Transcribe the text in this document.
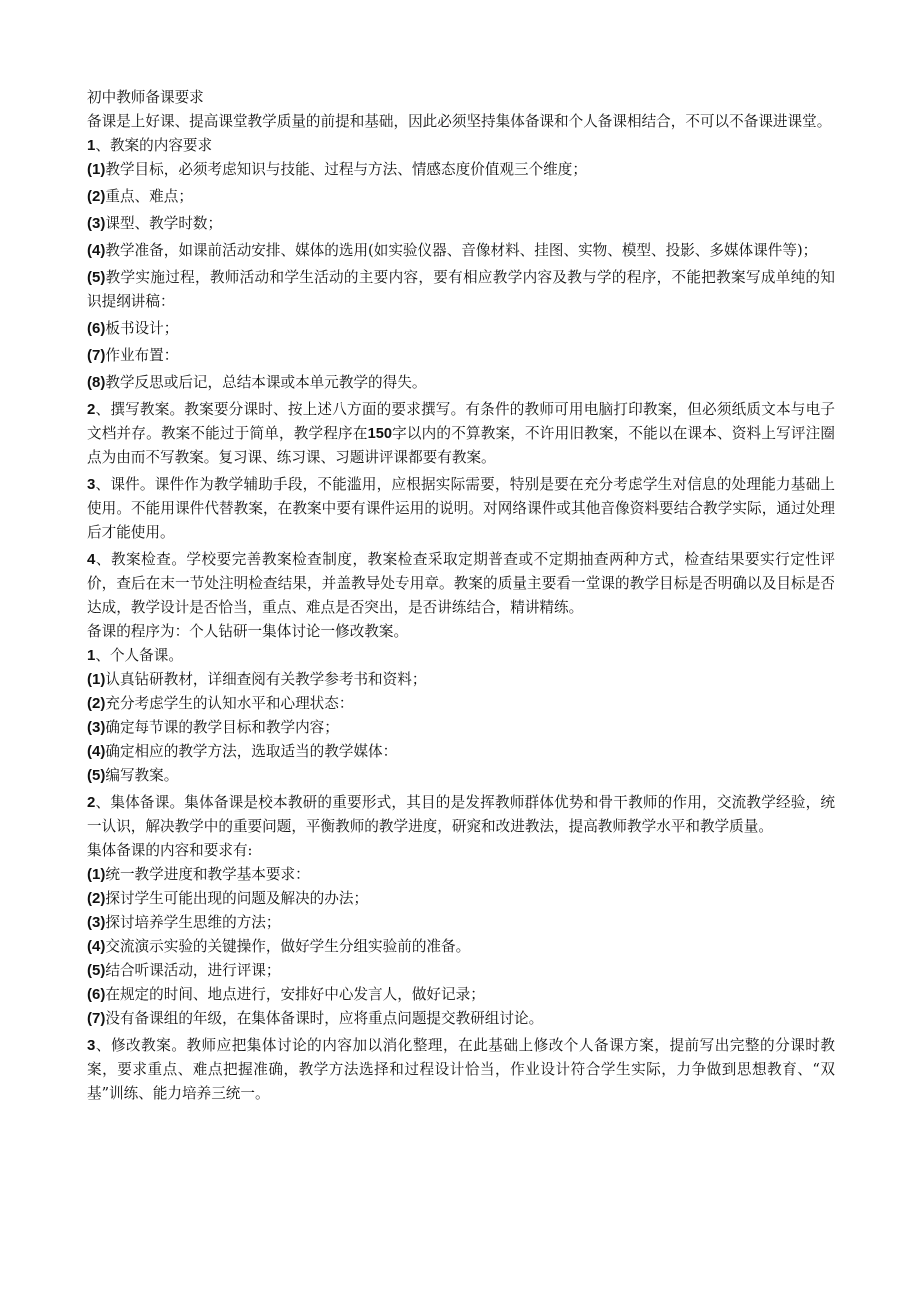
初中教师备课要求

备课是上好课、提高课堂教学质量的前提和基础，因此必须坚持集体备课和个人备课相结合，不可以不备课进课堂。

1、教案的内容要求

(1)教学目标，必须考虑知识与技能、过程与方法、情感态度价值观三个维度；

(2)重点、难点；

(3)课型、教学时数；

(4)教学准备，如课前活动安排、媒体的选用(如实验仪器、音像材料、挂图、实物、模型、投影、多媒体课件等)；

(5)教学实施过程，教师活动和学生活动的主要内容，要有相应教学内容及教与学的程序，不能把教案写成单纯的知识提纲讲稿：

(6)板书设计；

(7)作业布置：

(8)教学反思或后记，总结本课或本单元教学的得失。

2、撰写教案。教案要分课时、按上述八方面的要求撰写。有条件的教师可用电脑打印教案，但必须纸质文本与电子文档并存。教案不能过于简单，教学程序在150字以内的不算教案，不许用旧教案，不能以在课本、资料上写评注圈点为由而不写教案。复习课、练习课、习题讲评课都要有教案。

3、课件。课件作为教学辅助手段，不能滥用，应根据实际需要，特别是要在充分考虑学生对信息的处理能力基础上使用。不能用课件代替教案，在教案中要有课件运用的说明。对网络课件或其他音像资料要结合教学实际，通过处理后才能使用。

4、教案检查。学校要完善教案检查制度，教案检查采取定期普查或不定期抽查两种方式，检查结果要实行定性评价，查后在末一节处注明检查结果，并盖教导处专用章。教案的质量主要看一堂课的教学目标是否明确以及目标是否达成，教学设计是否恰当，重点、难点是否突出，是否讲练结合，精讲精练。

备课的程序为：个人钻研一集体讨论一修改教案。

1、个人备课。

(1)认真钻研教材，详细查阅有关教学参考书和资料；

(2)充分考虑学生的认知水平和心理状态：

(3)确定每节课的教学目标和教学内容；

(4)确定相应的教学方法，选取适当的教学媒体：

(5)编写教案。

2、集体备课。集体备课是校本教研的重要形式，其目的是发挥教师群体优势和骨干教师的作用，交流教学经验，统一认识，解决教学中的重要问题，平衡教师的教学进度，研窕和改进教法，提高教师教学水平和教学质量。

集体备课的内容和要求有:

(1)统一教学进度和教学基本要求：

(2)探讨学生可能出现的问题及解决的办法；

(3)探讨培养学生思维的方法；

(4)交流演示实验的关键操作，做好学生分组实验前的准备。

(5)结合听课活动，进行评课；

(6)在规定的时间、地点进行，安排好中心发言人，做好记录；

(7)没有备课组的年级，在集体备课时，应将重点问题提交教研组讨论。

3、修改教案。教师应把集体讨论的内容加以消化整理，在此基础上修改个人备课方案，提前写出完整的分课时教案，要求重点、难点把握准确，教学方法选择和过程设计恰当，作业设计符合学生实际，力争做到思想教育、“双基”训练、能力培养三统一。
